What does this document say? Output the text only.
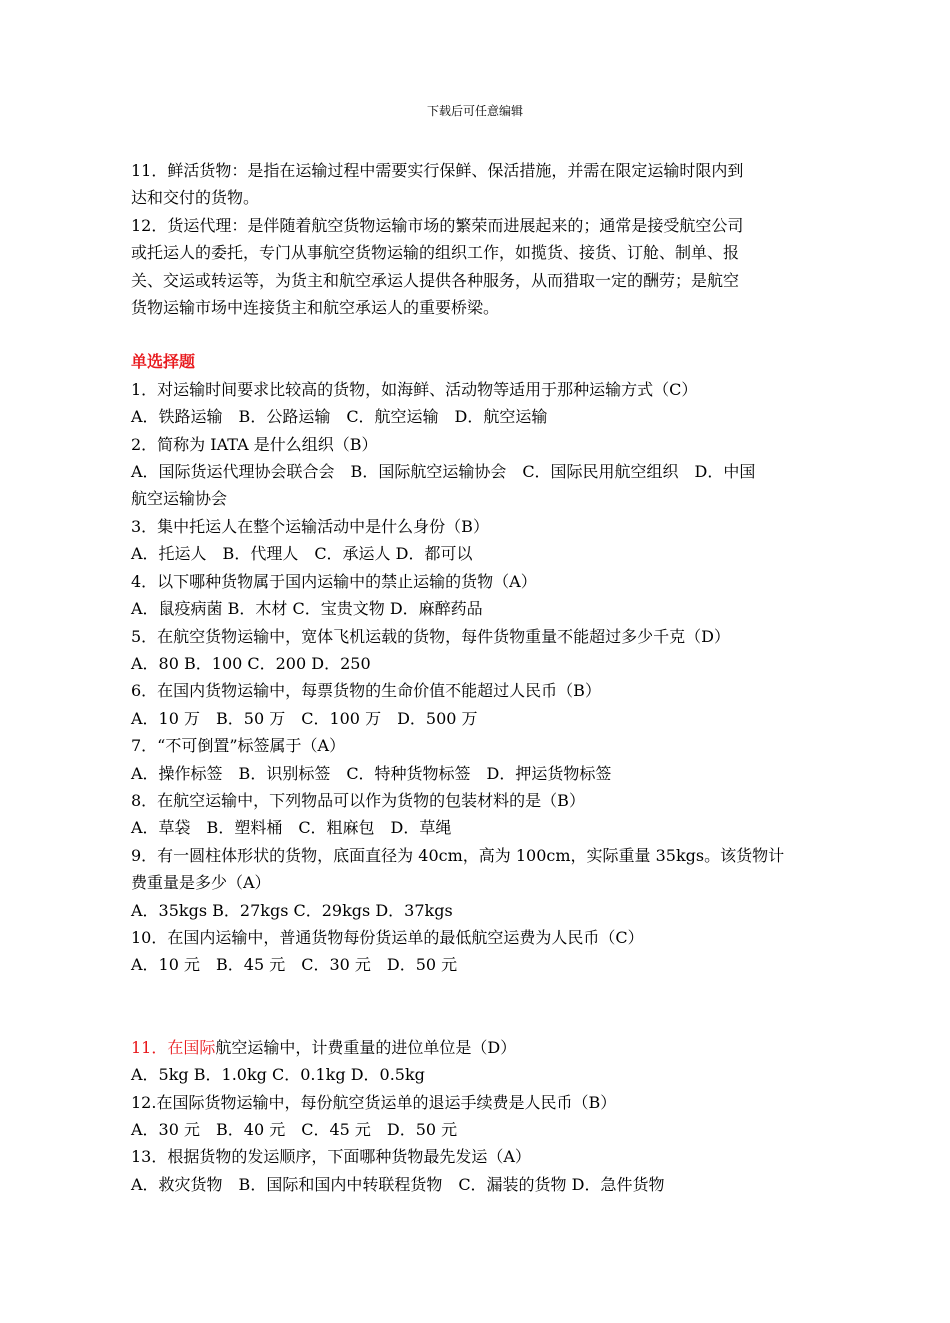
下载后可任意编辑

11．鲜活货物：是指在运输过程中需要实行保鲜、保活措施，并需在限定运输时限内到

达和交付的货物。

12．货运代理：是伴随着航空货物运输市场的繁荣而进展起来的；通常是接受航空公司

或托运人的委托，专门从事航空货物运输的组织工作，如揽货、接货、订舱、制单、报

关、交运或转运等，为货主和航空承运人提供各种服务，从而猎取一定的酬劳；是航空

货物运输市场中连接货主和航空承运人的重要桥梁。

单选择题

1．对运输时间要求比较高的货物，如海鲜、活动物等适用于那种运输方式（C）

A．铁路运输　B．公路运输　C．航空运输　D．航空运输

2．简称为 IATA 是什么组织（B）

A．国际货运代理协会联合会　B．国际航空运输协会　C．国际民用航空组织　D．中国

航空运输协会

3．集中托运人在整个运输活动中是什么身份（B）

A．托运人　B．代理人　C．承运人 D．都可以

4．以下哪种货物属于国内运输中的禁止运输的货物（A）

A．鼠疫病菌 B．木材 C．宝贵文物 D．麻醉药品

5．在航空货物运输中，宽体飞机运载的货物，每件货物重量不能超过多少千克（D）

A．80 B．100 C．200 D．250

6．在国内货物运输中，每票货物的生命价值不能超过人民币（B）

A．10 万　B．50 万　C．100 万　D．500 万

7．“不可倒置”标签属于（A）

A．操作标签　B．识别标签　C．特种货物标签　D．押运货物标签

8．在航空运输中，下列物品可以作为货物的包装材料的是（B）

A．草袋　B．塑料桶　C．粗麻包　D．草绳

9．有一圆柱体形状的货物，底面直径为 40cm，高为 100cm，实际重量 35kgs。该货物计

费重量是多少（A）

A．35kgs B．27kgs C．29kgs D．37kgs

10．在国内运输中，普通货物每份货运单的最低航空运费为人民币（C）

A．10 元　B．45 元　C．30 元　D．50 元

11．在国际航空运输中，计费重量的进位单位是（D）

A．5kg B．1.0kg C．0.1kg D．0.5kg

12.在国际货物运输中，每份航空货运单的退运手续费是人民币（B）

A．30 元　B．40 元　C．45 元　D．50 元

13．根据货物的发运顺序，下面哪种货物最先发运（A）

A．救灾货物　B．国际和国内中转联程货物　C．漏装的货物 D．急件货物
